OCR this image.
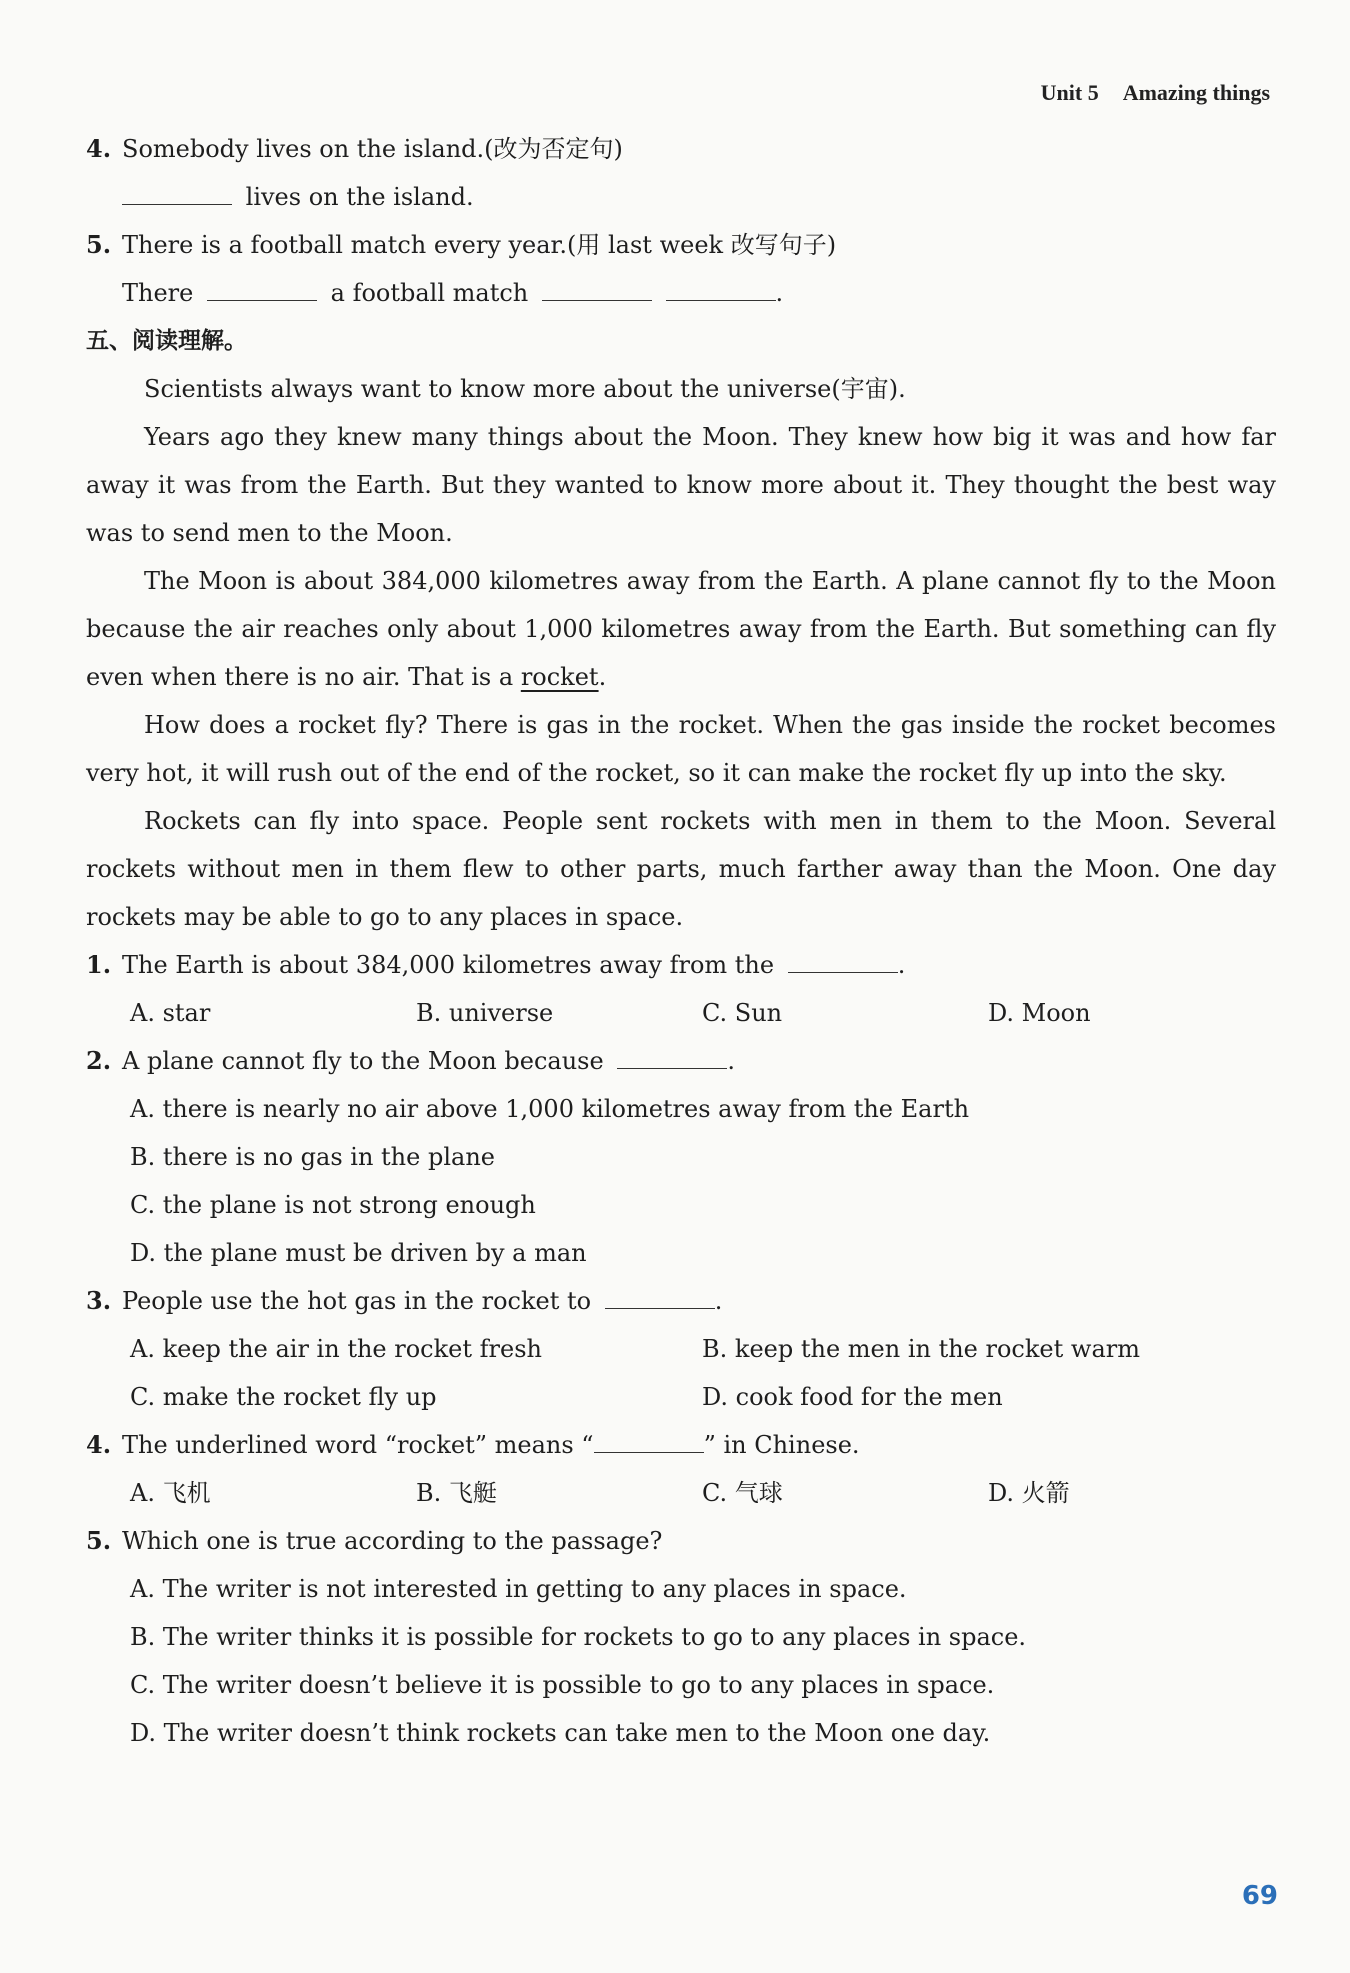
Unit 5 Amazing things
4. Somebody lives on the island.(改为否定句)
lives on the island.
5. There is a football match every year.(用 last week 改写句子)
There	a football match	.
五、阅读理解。
Scientists always want to know more about the universe(宇宙).
Years ago they knew many things about the Moon. They knew how big it was and how far away it was from the Earth. But they wanted to know more about it. They thought the best way was to send men to the Moon.
The Moon is about 384,000 kilometres away from the Earth. A plane cannot fly to the Moon because the air reaches only about 1,000 kilometres away from the Earth. But something can fly even when there is no air. That is a rocket.
How does a rocket fly? There is gas in the rocket. When the gas inside the rocket becomes very hot, it will rush out of the end of the rocket, so it can make the rocket fly up into the sky.
Rockets can fly into space. People sent rockets with men in them to the Moon. Several rockets without men in them flew to other parts, much farther away than the Moon. One day rockets may be able to go to any places in space.
1. The Earth is about 384,000 kilometres away from the	.
A. star	B. universe	C. Sun	D. Moon
2. A plane cannot fly to the Moon because	.
A. there is nearly no air above 1,000 kilometres away from the Earth
B. there is no gas in the plane
C. the plane is not strong enough
D. the plane must be driven by a man
3. People use the hot gas in the rocket to	.
A. keep the air in the rocket fresh	B. keep the men in the rocket warm
C. make the rocket fly up	D. cook food for the men
4. The underlined word “rocket” means “	” in Chinese.
A. 飞机	B. 飞艇	C. 气球	D. 火箭
5. Which one is true according to the passage?
A. The writer is not interested in getting to any places in space.
B. The writer thinks it is possible for rockets to go to any places in space.
C. The writer doesn’t believe it is possible to go to any places in space.
D. The writer doesn’t think rockets can take men to the Moon one day.
69
